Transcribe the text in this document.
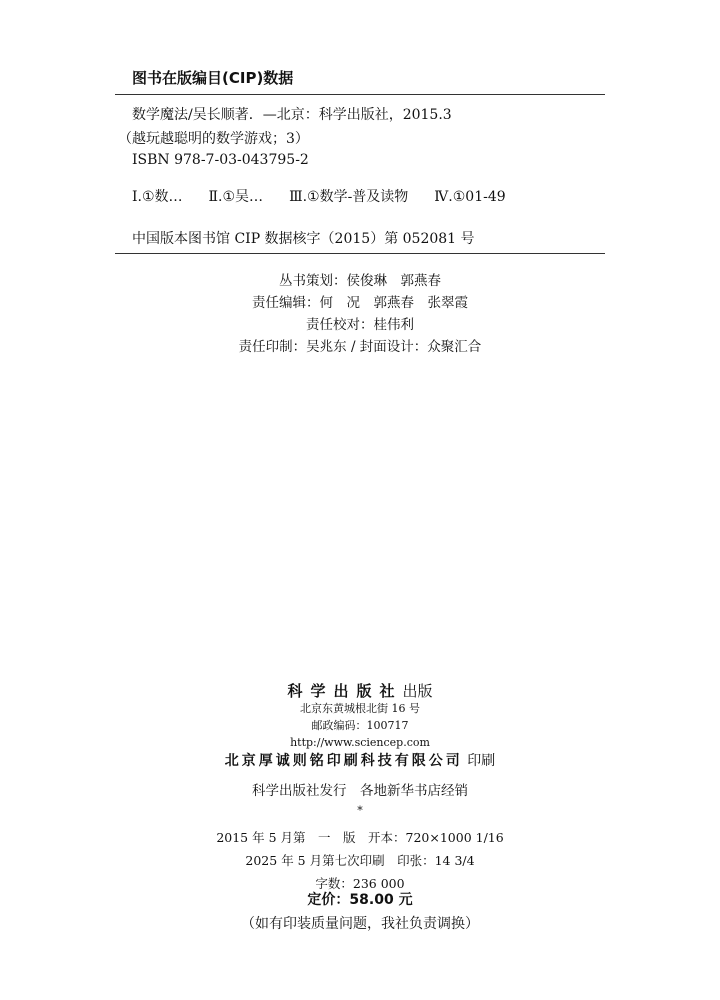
图书在版编目(CIP)数据
数学魔法/吴长顺著．—北京：科学出版社，2015.3
（越玩越聪明的数学游戏；3）
ISBN 978-7-03-043795-2
Ⅰ.①数… Ⅱ.①吴… Ⅲ.①数学-普及读物 Ⅳ.①01-49
中国版本图书馆 CIP 数据核字（2015）第 052081 号
丛书策划：侯俊琳　郭燕春
责任编辑：何　况　郭燕春　张翠霞
责任校对：桂伟利
责任印制：吴兆东 / 封面设计：众聚汇合
科学出版社出版
北京东黄城根北街 16 号
邮政编码：100717
http://www.sciencep.com
北京厚诚则铭印刷科技有限公司 印刷
科学出版社发行　各地新华书店经销
*
2015 年 5 月第　一　版　开本：720×1000 1/16
2025 年 5 月第七次印刷　印张：14 3/4
字数：236 000
定价：58.00 元
（如有印装质量问题，我社负责调换）
